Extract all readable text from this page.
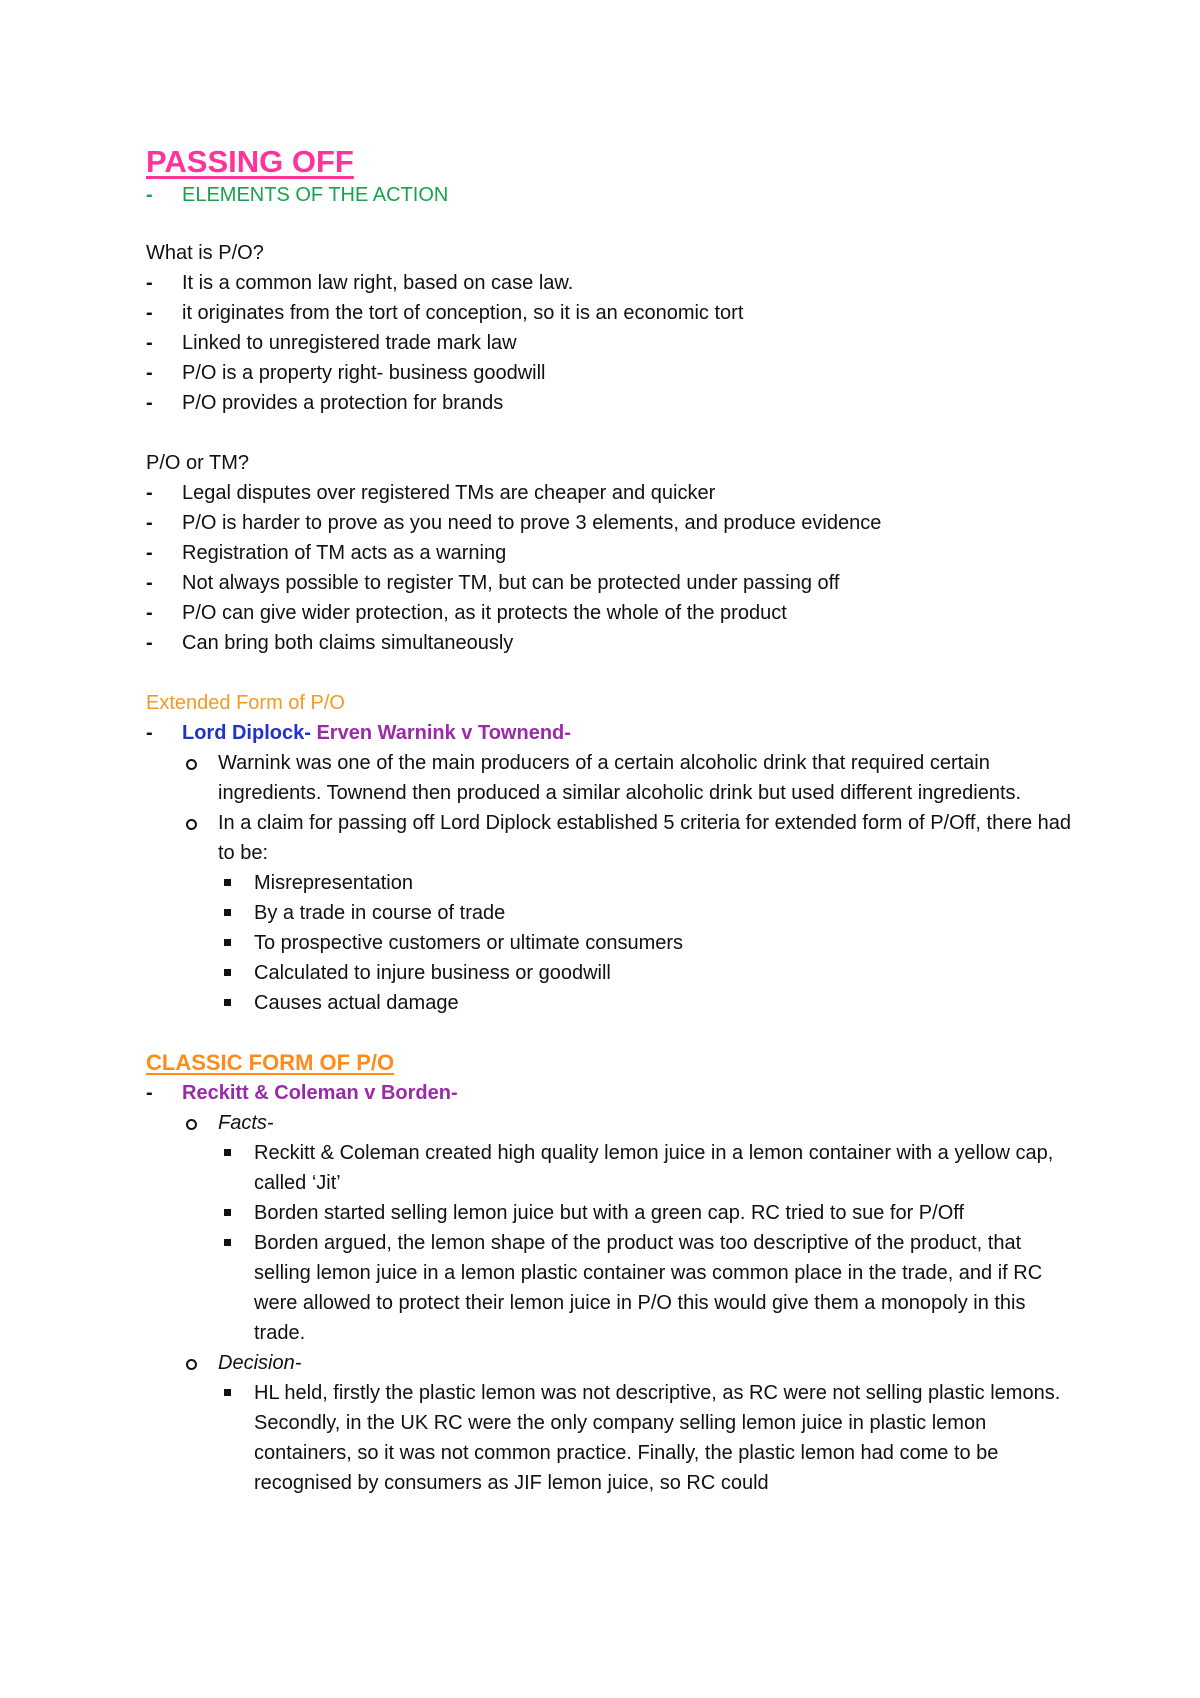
PASSING OFF
- ELEMENTS OF THE ACTION

What is P/O?

- It is a common law right, based on case law.
- it originates from the tort of conception, so it is an economic tort
- Linked to unregistered trade mark law
- P/O is a property right- business goodwill
- P/O provides a protection for brands

P/O or TM?

- Legal disputes over registered TMs are cheaper and quicker
- P/O is harder to prove as you need to prove 3 elements, and produce evidence
- Registration of TM acts as a warning
- Not always possible to register TM, but can be protected under passing off
- P/O can give wider protection, as it protects the whole of the product
- Can bring both claims simultaneously

Extended Form of P/O

- Lord Diplock- Erven Warnink v Townend-
Warnink was one of the main producers of a certain alcoholic drink that required certain ingredients. Townend then produced a similar alcoholic drink but used different ingredients.
In a claim for passing off Lord Diplock established 5 criteria for extended form of P/Off, there had to be:
Misrepresentation
By a trade in course of trade
To prospective customers or ultimate consumers
Calculated to injure business or goodwill
Causes actual damage

CLASSIC FORM OF P/O

- Reckitt & Coleman v Borden-
Facts-
Reckitt & Coleman created high quality lemon juice in a lemon container with a yellow cap, called ‘Jit’
Borden started selling lemon juice but with a green cap. RC tried to sue for P/Off
Borden argued, the lemon shape of the product was too descriptive of the product, that selling lemon juice in a lemon plastic container was common place in the trade, and if RC were allowed to protect their lemon juice in P/O this would give them a monopoly in this trade.
Decision-
HL held, firstly the plastic lemon was not descriptive, as RC were not selling plastic lemons. Secondly, in the UK RC were the only company selling lemon juice in plastic lemon containers, so it was not common practice. Finally, the plastic lemon had come to be recognised by consumers as JIF lemon juice, so RC could
